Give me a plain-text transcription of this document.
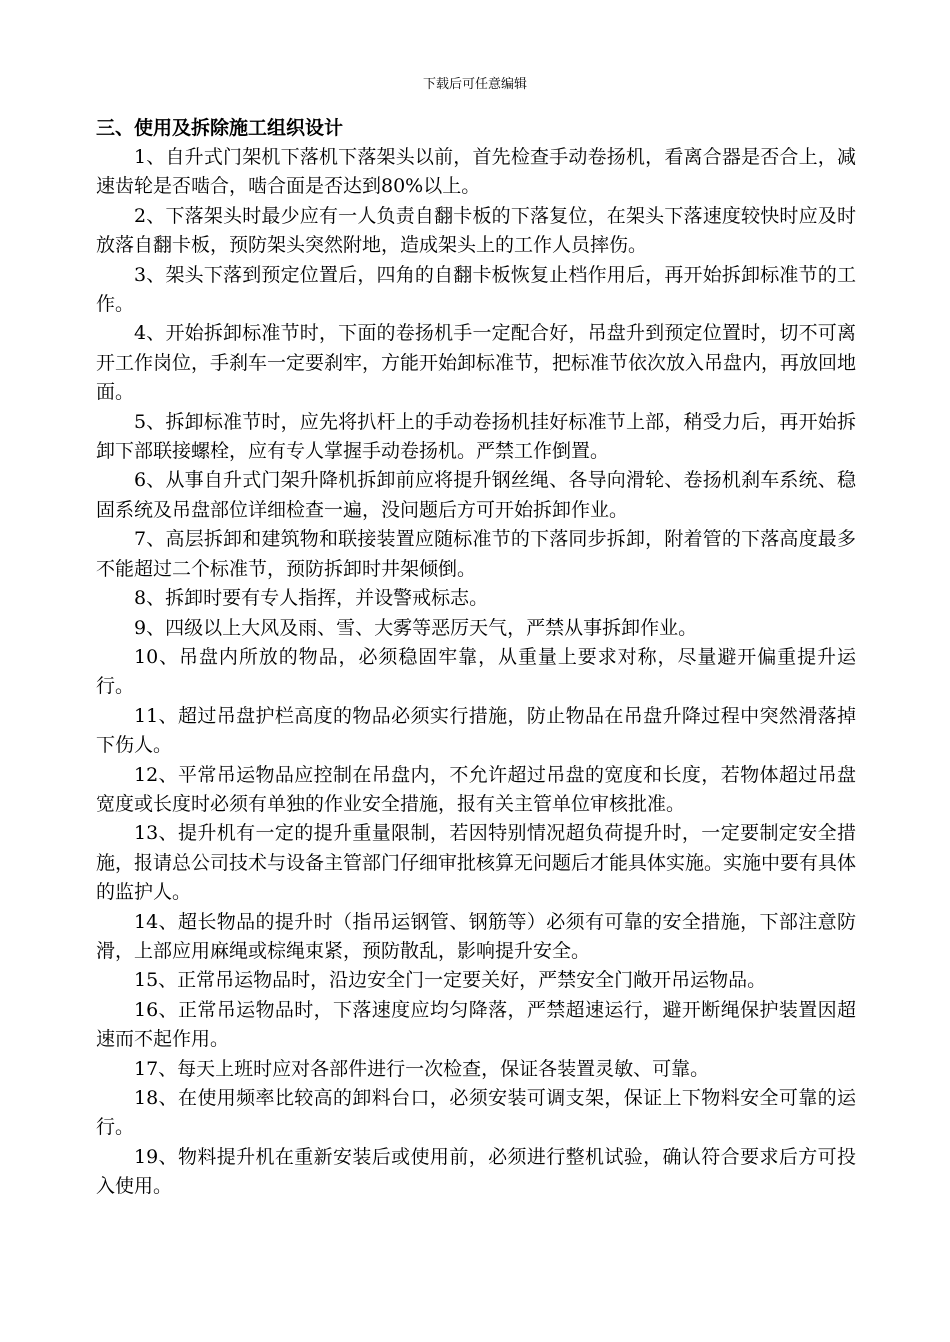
下载后可任意编辑
三、使用及拆除施工组织设计

1、自升式门架机下落机下落架头以前，首先检查手动卷扬机，看离合器是否合上，减速齿轮是否啮合，啮合面是否达到80%以上。

2、下落架头时最少应有一人负责自翻卡板的下落复位，在架头下落速度较快时应及时放落自翻卡板，预防架头突然附地，造成架头上的工作人员摔伤。

3、架头下落到预定位置后，四角的自翻卡板恢复止档作用后，再开始拆卸标准节的工作。

4、开始拆卸标准节时，下面的卷扬机手一定配合好，吊盘升到预定位置时，切不可离开工作岗位，手刹车一定要刹牢，方能开始卸标准节，把标准节依次放入吊盘内，再放回地面。

5、拆卸标准节时，应先将扒杆上的手动卷扬机挂好标准节上部，稍受力后，再开始拆卸下部联接螺栓，应有专人掌握手动卷扬机。严禁工作倒置。

6、从事自升式门架升降机拆卸前应将提升钢丝绳、各导向滑轮、卷扬机刹车系统、稳固系统及吊盘部位详细检查一遍，没问题后方可开始拆卸作业。

7、高层拆卸和建筑物和联接装置应随标准节的下落同步拆卸，附着管的下落高度最多不能超过二个标准节，预防拆卸时井架倾倒。

8、拆卸时要有专人指挥，并设警戒标志。

9、四级以上大风及雨、雪、大雾等恶厉天气，严禁从事拆卸作业。

10、吊盘内所放的物品，必须稳固牢靠，从重量上要求对称，尽量避开偏重提升运行。

11、超过吊盘护栏高度的物品必须实行措施，防止物品在吊盘升降过程中突然滑落掉下伤人。

12、平常吊运物品应控制在吊盘内，不允许超过吊盘的宽度和长度，若物体超过吊盘宽度或长度时必须有单独的作业安全措施，报有关主管单位审核批准。

13、提升机有一定的提升重量限制，若因特别情况超负荷提升时，一定要制定安全措施，报请总公司技术与设备主管部门仔细审批核算无问题后才能具体实施。实施中要有具体的监护人。

14、超长物品的提升时（指吊运钢管、钢筋等）必须有可靠的安全措施，下部注意防滑，上部应用麻绳或棕绳束紧，预防散乱，影响提升安全。

15、正常吊运物品时，沿边安全门一定要关好，严禁安全门敞开吊运物品。

16、正常吊运物品时，下落速度应均匀降落，严禁超速运行，避开断绳保护装置因超速而不起作用。

17、每天上班时应对各部件进行一次检查，保证各装置灵敏、可靠。

18、在使用频率比较高的卸料台口，必须安装可调支架，保证上下物料安全可靠的运行。

19、物料提升机在重新安装后或使用前，必须进行整机试验，确认符合要求后方可投入使用。
